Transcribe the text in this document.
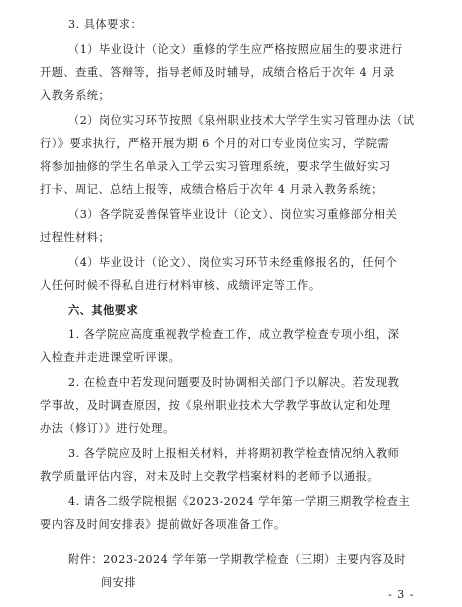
3. 具体要求：
（1）毕业设计（论文）重修的学生应严格按照应届生的要求进行
开题、查重、答辩等，指导老师及时辅导，成绩合格后于次年 4 月录
入教务系统；
（2）岗位实习环节按照《泉州职业技术大学学生实习管理办法（试
行）》要求执行，严格开展为期 6 个月的对口专业岗位实习，学院需
将参加抽修的学生名单录入工学云实习管理系统，要求学生做好实习
打卡、周记、总结上报等，成绩合格后于次年 4 月录入教务系统；
（3）各学院妥善保管毕业设计（论文）、岗位实习重修部分相关
过程性材料；
（4）毕业设计（论文）、岗位实习环节未经重修报名的，任何个
人任何时候不得私自进行材料审核、成绩评定等工作。
六、其他要求
1. 各学院应高度重视教学检查工作，成立教学检查专项小组，深
入检查并走进课堂听评课。
2. 在检查中若发现问题要及时协调相关部门予以解决。若发现教
学事故，及时调查原因，按《泉州职业技术大学教学事故认定和处理
办法（修订）》进行处理。
3. 各学院应及时上报相关材料，并将期初教学检查情况纳入教师
教学质量评估内容，对未及时上交教学档案材料的老师予以通报。
4. 请各二级学院根据《2023-2024 学年第一学期三期教学检查主
要内容及时间安排表》提前做好各项准备工作。
附件：2023-2024 学年第一学期教学检查（三期）主要内容及时
间安排
- 3 -
